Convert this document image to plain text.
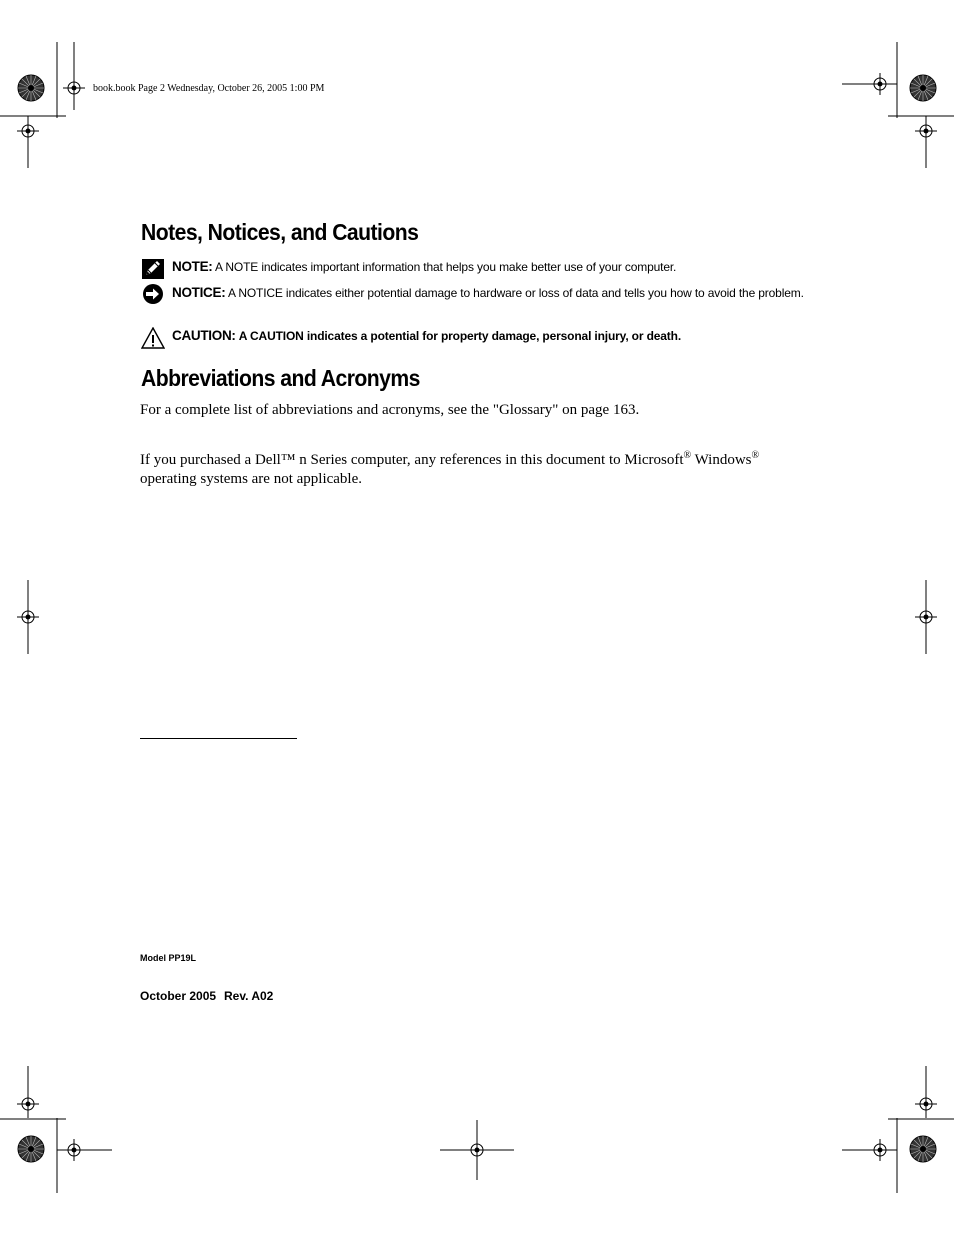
book.book Page 2 Wednesday, October 26, 2005 1:00 PM
Notes, Notices, and Cautions
NOTE: A NOTE indicates important information that helps you make better use of your computer.
NOTICE: A NOTICE indicates either potential damage to hardware or loss of data and tells you how to avoid the problem.
CAUTION: A CAUTION indicates a potential for property damage, personal injury, or death.
Abbreviations and Acronyms
For a complete list of abbreviations and acronyms, see the "Glossary" on page 163.
If you purchased a Dell™ n Series computer, any references in this document to Microsoft® Windows®
operating systems are not applicable.
Model PP19L
October 2005 Rev. A02
